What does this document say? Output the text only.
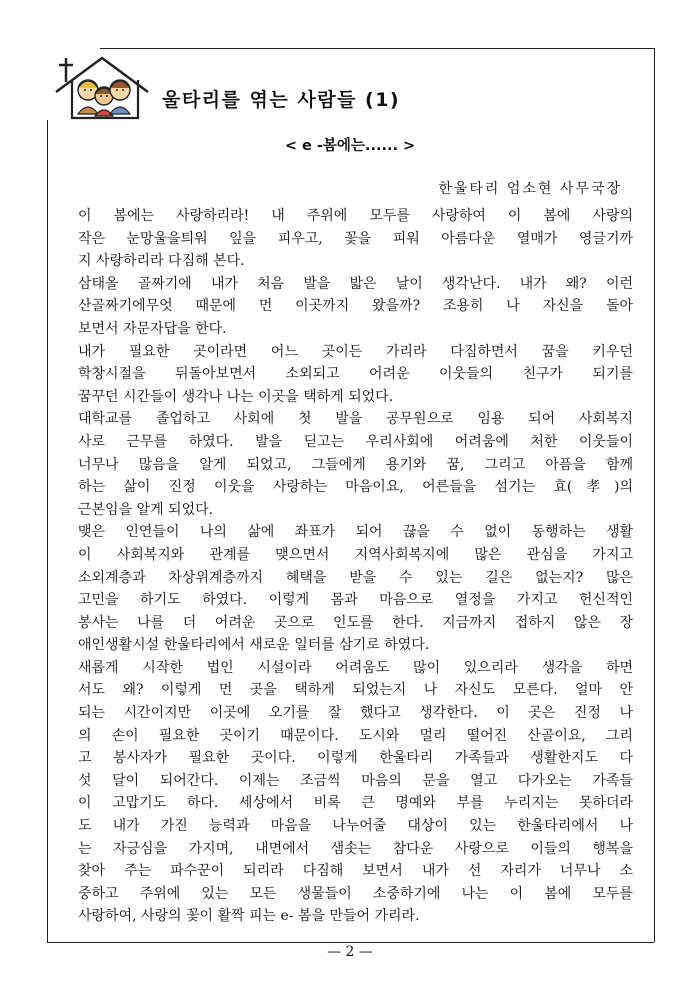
울타리를 엮는 사람들 (1)
< e -봄에는...... >
한울타리 엄소현 사무국장
이 봄에는 사랑하리라! 내 주위에 모두를 사랑하여 이 봄에 사랑의
작은 눈망울을틔워 잎을 피우고, 꽃을 피워 아름다운 열매가 영글기까
지 사랑하리라 다짐해 본다.
삼태올 골짜기에 내가 처음 발을 밟은 날이 생각난다. 내가 왜? 이런
산골짜기에무엇 때문에 먼 이곳까지 왔을까? 조용히 나 자신을 돌아
보면서 자문자답을 한다.
내가 필요한 곳이라면 어느 곳이든 가리라 다짐하면서 꿈을 키우던
학창시절을 뒤돌아보면서 소외되고 어려운 이웃들의 친구가 되기를
꿈꾸던 시간들이 생각나 나는 이곳을 택하게 되었다.
대학교를 졸업하고 사회에 첫 발을 공무원으로 임용 되어 사회복지
사로 근무를 하였다. 발을 딛고는 우리사회에 어려움에 처한 이웃들이
너무나 많음을 알게 되었고, 그들에게 용기와 꿈, 그리고 아픔을 함께
하는 삶이 진정 이웃을 사랑하는 마음이요, 어른들을 섬기는 효(孝)의
근본임을 알게 되었다.
맺은 인연들이 나의 삶에 좌표가 되어 끊을 수 없이 동행하는 생활
이 사회복지와 관계를 맺으면서 지역사회복지에 많은 관심을 가지고
소외계층과 차상위계층까지 혜택을 받을 수 있는 길은 없는지? 많은
고민을 하기도 하였다. 이렇게 몸과 마음으로 열정을 가지고 헌신적인
봉사는 나를 더 어려운 곳으로 인도를 한다. 지금까지 접하지 않은 장
애인생활시설 한울타리에서 새로운 일터를 삼기로 하였다.
새롭게 시작한 법인 시설이라 어려움도 많이 있으리라 생각을 하면
서도 왜? 이렇게 먼 곳을 택하게 되었는지 나 자신도 모른다. 얼마 안
되는 시간이지만 이곳에 오기를 잘 했다고 생각한다. 이 곳은 진정 나
의 손이 필요한 곳이기 때문이다. 도시와 멀리 떨어진 산골이요, 그리
고 봉사자가 필요한 곳이다. 이렇게 한울타리 가족들과 생활한지도 다
섯 달이 되어간다. 이제는 조금씩 마음의 문을 열고 다가오는 가족들
이 고맙기도 하다. 세상에서 비록 큰 명예와 부를 누리지는 못하더라
도 내가 가진 능력과 마음을 나누어줄 대상이 있는 한울타리에서 나
는 자긍심을 가지며, 내면에서 샘솟는 참다운 사랑으로 이들의 행복을
찾아 주는 파수꾼이 되리라 다짐해 보면서 내가 선 자리가 너무나 소
중하고 주위에 있는 모든 생물들이 소중하기에 나는 이 봄에 모두를
사랑하여, 사랑의 꽃이 활짝 피는 e- 봄을 만들어 가리라.
— 2 —
